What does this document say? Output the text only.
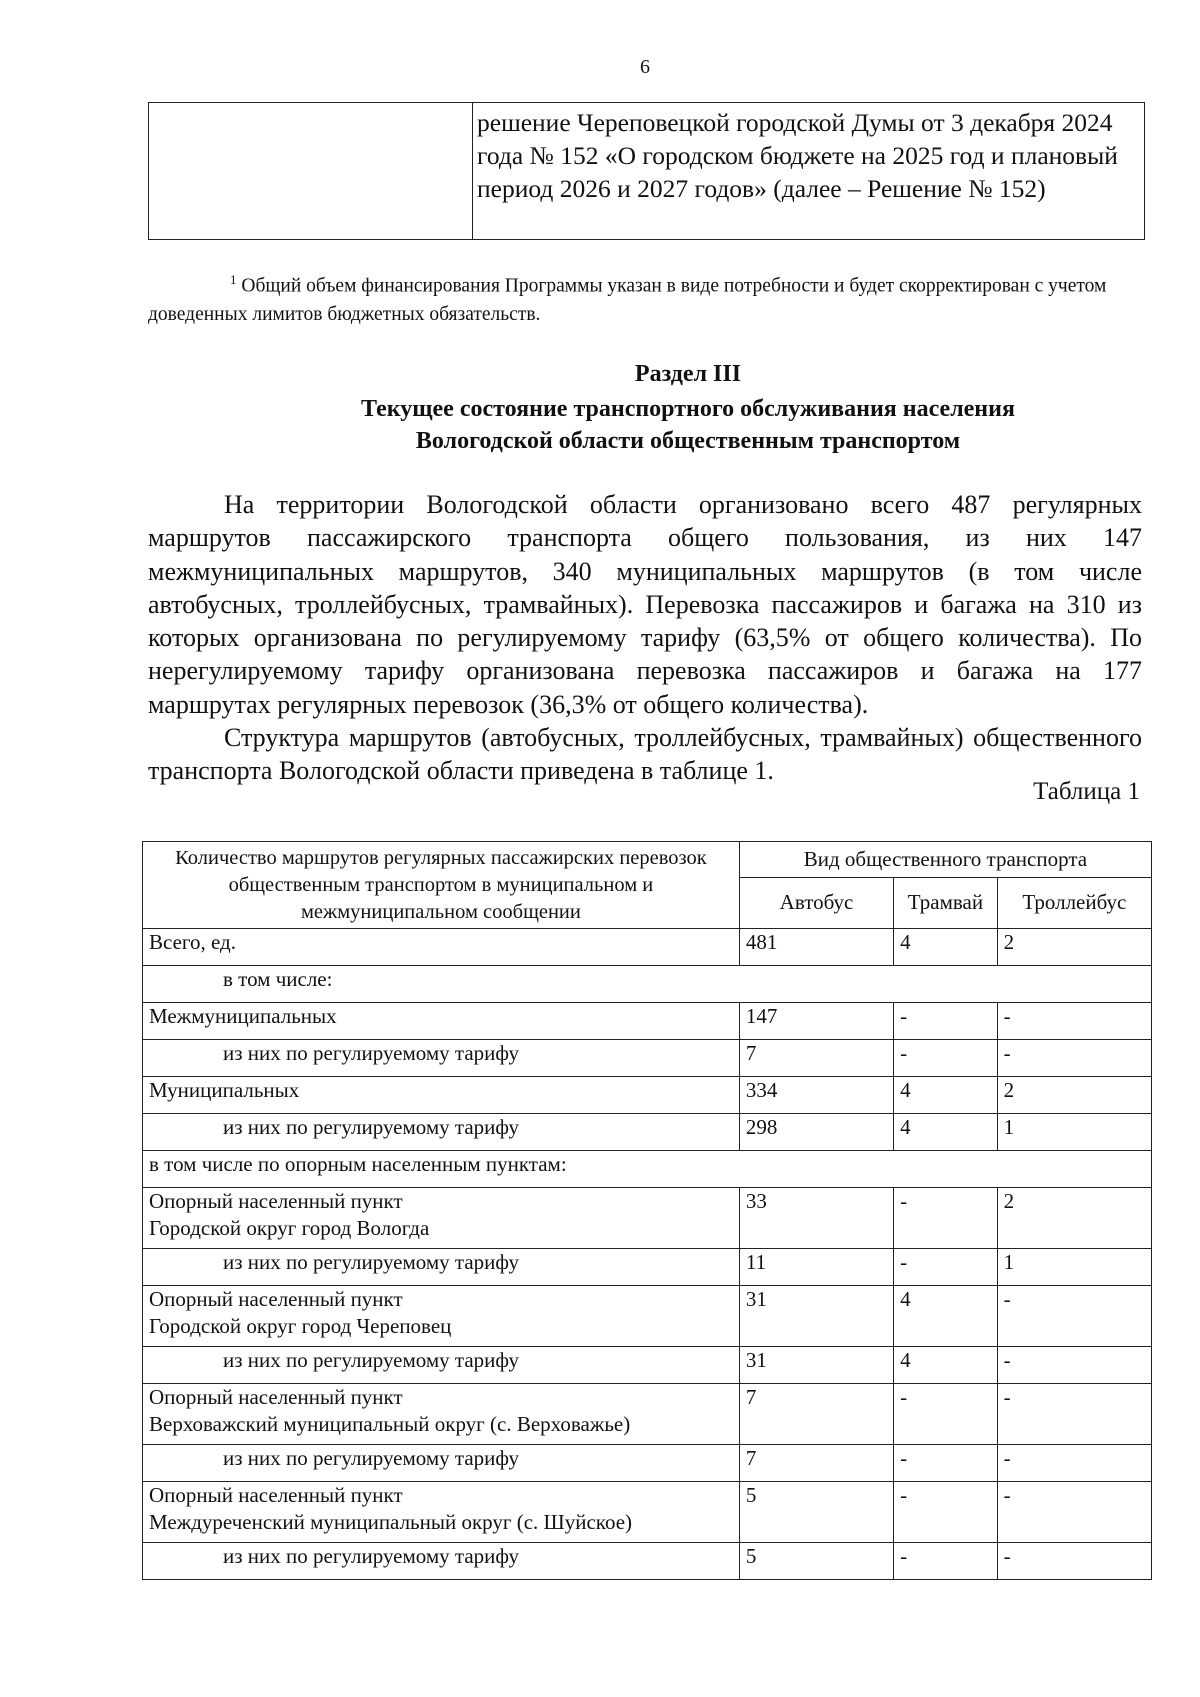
6
решение Череповецкой городской Думы от 3 декабря 2024 года № 152 «О городском бюджете на 2025 год и плановый период 2026 и 2027 годов» (далее – Решение № 152)
$^1$ Общий объем финансирования Программы указан в виде потребности и будет скорректирован с учетом доведенных лимитов бюджетных обязательств.
Раздел III
Текущее состояние транспортного обслуживания населения
Вологодской области общественным транспортом

На территории Вологодской области организовано всего 487 регулярных маршрутов пассажирского транспорта общего пользования, из них 147 межмуниципальных маршрутов, 340 муниципальных маршрутов (в том числе автобусных, троллейбусных, трамвайных). Перевозка пассажиров и багажа на 310 из которых организована по регулируемому тарифу (63,5% от общего количества). По нерегулируемому тарифу организована перевозка пассажиров и багажа на 177 маршрутах регулярных перевозок (36,3% от общего количества).

Структура маршрутов (автобусных, троллейбусных, трамвайных) общественного транспорта Вологодской области приведена в таблице 1.

Таблица 1
Количество маршрутов регулярных пассажирских перевозок общественным транспортом в муниципальном и межмуниципальном сообщении	Вид общественного транспорта		
	Автобус	Трамвай	Троллейбус
Всего, ед.	481	4	2
в том числе:			
Межмуниципальных	147	-	-
из них по регулируемому тарифу	7	-	-
Муниципальных	334	4	2
из них по регулируемому тарифу	298	4	1
в том числе по опорным населенным пунктам:			

Опорный населенный пункт
Городской округ город Вологда	33	-	2
из них по регулируемому тарифу	11	-	1

Опорный населенный пункт
Городской округ город Череповец	31	4	-
из них по регулируемому тарифу	31	4	-

Опорный населенный пункт
Верховажский муниципальный округ (с. Верховажье)	7	-	-
из них по регулируемому тарифу	7	-	-

Опорный населенный пункт
Междуреченский муниципальный округ (с. Шуйское)	5	-	-
из них по регулируемому тарифу	5	-	-
